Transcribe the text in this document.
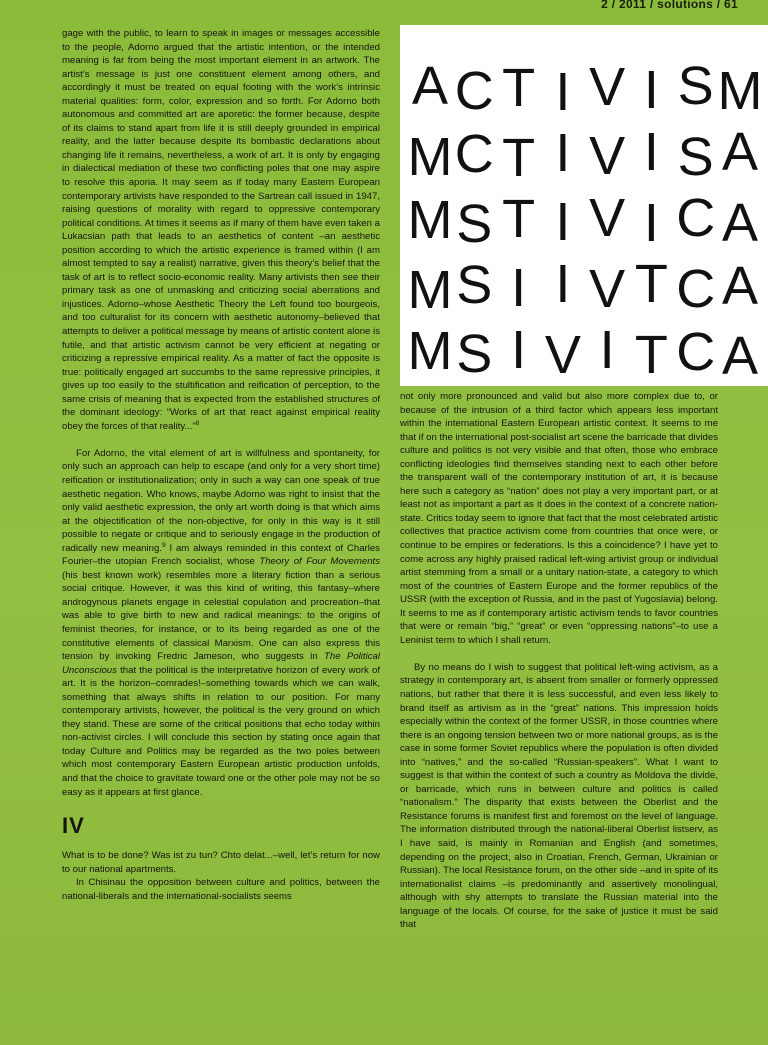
2 / 2011 / solutions / 61

gage with the public, to learn to speak in images or messages accessible to the people, Adorno argued that the artistic intention, or the intended meaning is far from being the most important element in an artwork. The artist’s message is just one constituent element among others, and accordingly it must be treated on equal footing with the work’s intrinsic material qualities: form, color, expression and so forth. For Adorno both autonomous and committed art are aporetic: the former because, despite of its claims to stand apart from life it is still deeply grounded in empirical reality, and the latter because despite its bombastic declarations about changing life it remains, nevertheless, a work of art. It is only by engaging in dialectical mediation of these two conflicting poles that one may aspire to resolve this aporia. It may seem as if today many Eastern European contemporary artivists have responded to the Sartrean call issued in 1947, raising questions of morality with regard to oppressive contemporary political conditions. At times it seems as if many of them have even taken a Lukacsian path that leads to an aesthetics of content –an aesthetic position according to which the artistic experience is framed within (I am almost tempted to say a realist) narrative, given this theory’s belief that the task of art is to reflect socio-economic reality. Many artivists then see their primary task as one of unmasking and criticizing social aberrations and injustices. Adorno–whose Aesthetic Theory the Left found too bourgeois, and too culturalist for its concern with aesthetic autonomy–believed that attempts to deliver a political message by means of artistic content alone is futile, and that artistic activism cannot be very efficient at negating or criticizing a repressive empirical reality. As a matter of fact the opposite is true: politically engaged art succumbs to the same repressive principles, it gives up too easily to the stultification and reification of perception, to the same crisis of meaning that is expected from the established structures of the dominant ideology: “Works of art that react against empirical reality obey the forces of that reality...”$^8$

For Adorno, the vital element of art is willfulness and spontaneity, for only such an approach can help to escape (and only for a very short time) reification or institutionalization; only in such a way can one speak of true aesthetic negation. Who knows, maybe Adorno was right to insist that the only valid aesthetic expression, the only art worth doing is that which aims at the objectification of the non-objective, for only in this way is it still possible to negate or critique and to seriously engage in the production of radically new meaning.$^9$ I am always reminded in this context of Charles Fourier–the utopian French socialist, whose Theory of Four Movements (his best known work) resembles more a literary fiction than a serious social critique. However, it was this kind of writing, this fantasy–where androgynous planets engage in celestial copulation and procreation–that was able to give birth to new and radical meanings: to the origins of feminist theories, for instance, or to its being regarded as one of the constitutive elements of classical Marxism. One can also express this tension by invoking Fredric Jameson, who suggests in The Political Unconscious that the political is the interpretative horizon of every work of art. It is the horizon–comrades!–something towards which we can walk, something that always shifts in relation to our position. For many contemporary artivists, however, the political is the very ground on which they stand. These are some of the critical positions that echo today within non-activist circles. I will conclude this section by stating once again that today Culture and Politics may be regarded as the two poles between which most contemporary Eastern European artistic production unfolds, and that the choice to gravitate toward one or the other pole may not be so easy as it appears at first glance.

IV

What is to be done? Was ist zu tun? Chto delat...–well, let’s return for now to our national apartments.

In Chisinau the opposition between culture and politics, between the national-liberals and the international-socialists seems

A C T I V I SM
MC T I V I S A
MS T I V I C A
MS I I V T C A
MS I V I T C A

not only more pronounced and valid but also more complex due to, or because of the intrusion of a third factor which appears less important within the international Eastern European artistic context. It seems to me that if on the international post-socialist art scene the barricade that divides culture and politics is not very visible and that often, those who embrace conflicting ideologies find themselves standing next to each other before the transparent wall of the contemporary institution of art, it is because here such a category as “nation” does not play a very important part, or at least not as important a part as it does in the context of a concrete nation-state. Critics today seem to ignore that fact that the most celebrated artistic collectives that practice activism come from countries that once were, or continue to be empires or federations. Is this a coincidence? I have yet to come across any highly praised radical left-wing artivist group or individual artist stemming from a small or a unitary nation-state, a category to which most of the countries of Eastern Europe and the former republics of the USSR (with the exception of Russia, and in the past of Yugoslavia) belong. It seems to me as if contemporary artistic activism tends to favor countries that were or remain “big,” “great” or even “oppressing nations”–to use a Leninist term to which I shall return.

By no means do I wish to suggest that political left-wing activism, as a strategy in contemporary art, is absent from smaller or formerly oppressed nations, but rather that there it is less successful, and even less likely to brand itself as artivism as in the “great” nations. This impression holds especially within the context of the former USSR, in those countries where there is an ongoing tension between two or more national groups, as is the case in some former Soviet republics where the population is often divided into “natives,” and the so-called “Russian-speakers”. What I want to suggest is that within the context of such a country as Moldova the divide, or barricade, which runs in between culture and politics is called “nationalism.” The disparity that exists between the Oberlist and the Resistance forums is manifest first and foremost on the level of language. The information distributed through the national-liberal Oberlist listserv, as I have said, is mainly in Romanian and English (and sometimes, depending on the project, also in Croatian, French, German, Ukrainian or Russian). The local Resistance forum, on the other side –and in spite of its internationalist claims –is predominantly and assertively monolingual, although with shy attempts to translate the Russian material into the language of the locals. Of course, for the sake of justice it must be said that
